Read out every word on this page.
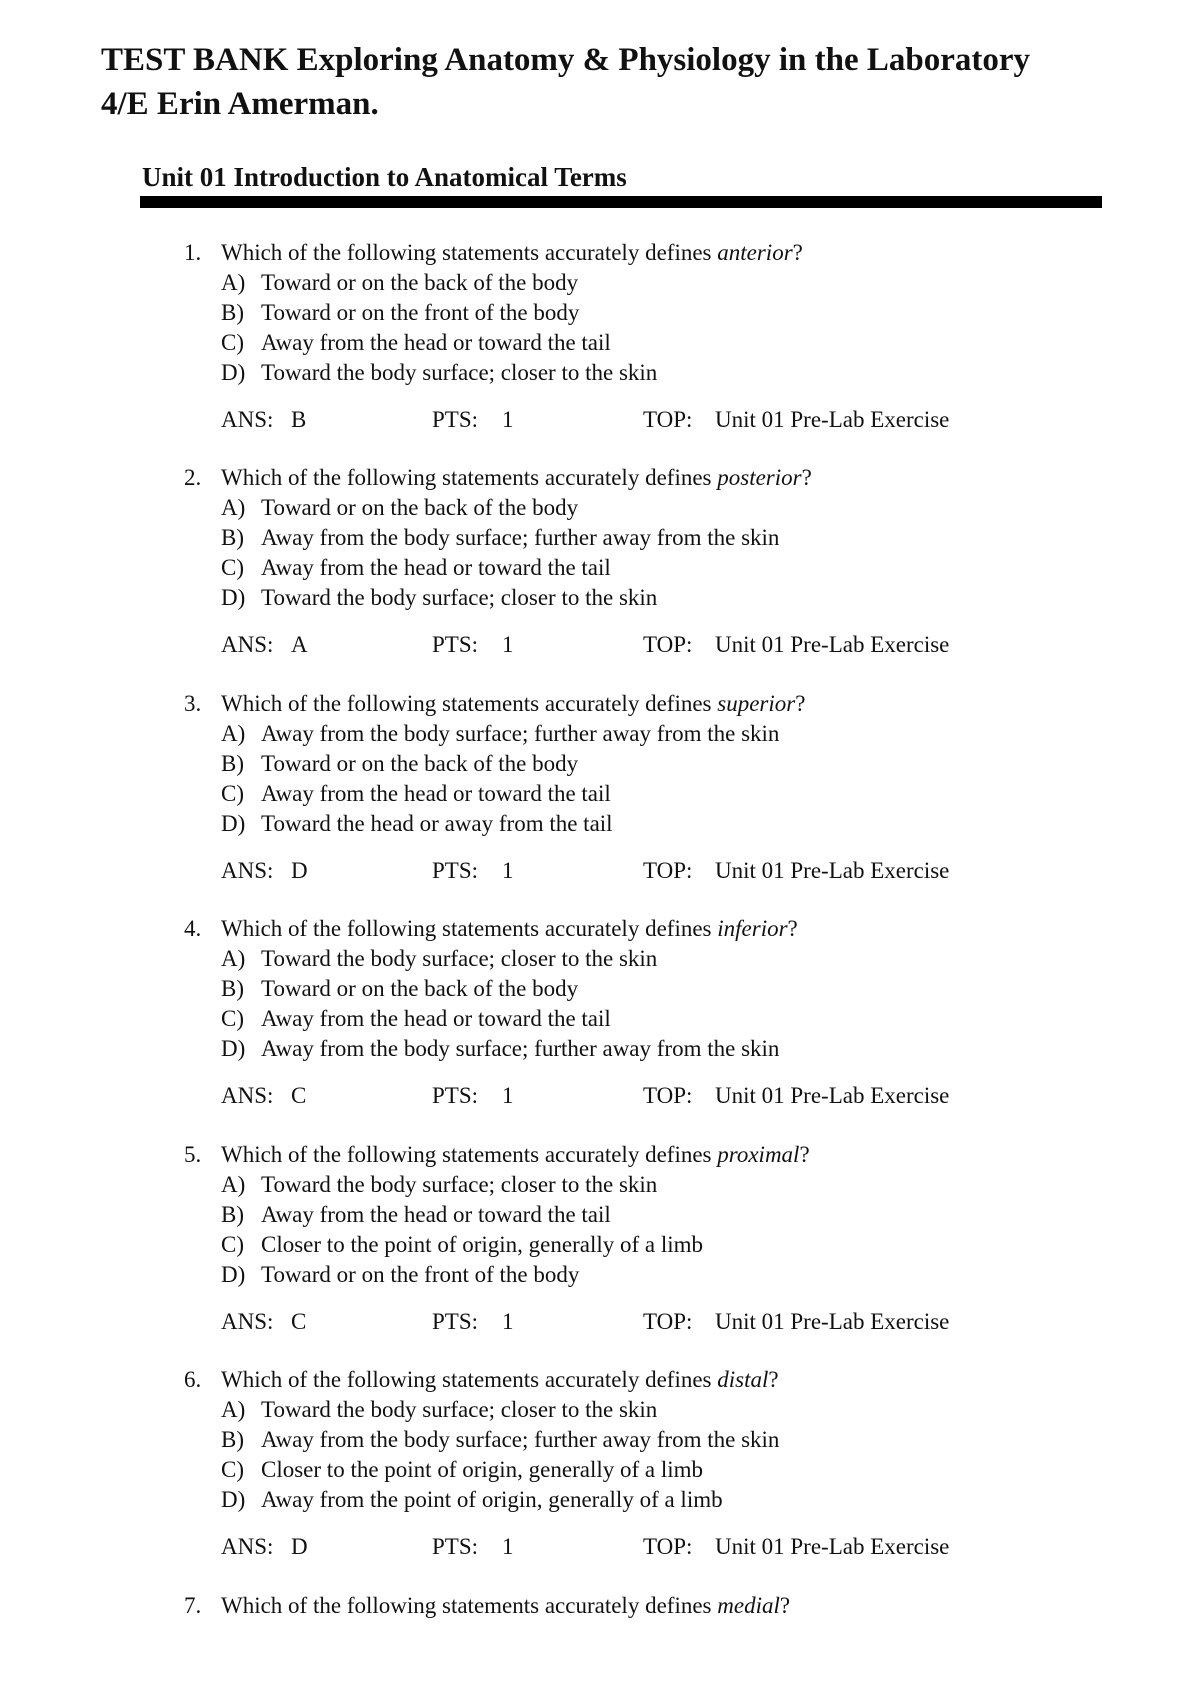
TEST BANK Exploring Anatomy & Physiology in the Laboratory 4/E Erin Amerman.
Unit 01 Introduction to Anatomical Terms
1. Which of the following statements accurately defines anterior?
A) Toward or on the back of the body
B) Toward or on the front of the body
C) Away from the head or toward the tail
D) Toward the body surface; closer to the skin
ANS: B	PTS: 1	TOP: Unit 01 Pre-Lab Exercise
2. Which of the following statements accurately defines posterior?
A) Toward or on the back of the body
B) Away from the body surface; further away from the skin
C) Away from the head or toward the tail
D) Toward the body surface; closer to the skin
ANS: A	PTS: 1	TOP: Unit 01 Pre-Lab Exercise
3. Which of the following statements accurately defines superior?
A) Away from the body surface; further away from the skin
B) Toward or on the back of the body
C) Away from the head or toward the tail
D) Toward the head or away from the tail
ANS: D	PTS: 1	TOP: Unit 01 Pre-Lab Exercise
4. Which of the following statements accurately defines inferior?
A) Toward the body surface; closer to the skin
B) Toward or on the back of the body
C) Away from the head or toward the tail
D) Away from the body surface; further away from the skin
ANS: C	PTS: 1	TOP: Unit 01 Pre-Lab Exercise
5. Which of the following statements accurately defines proximal?
A) Toward the body surface; closer to the skin
B) Away from the head or toward the tail
C) Closer to the point of origin, generally of a limb
D) Toward or on the front of the body
ANS: C	PTS: 1	TOP: Unit 01 Pre-Lab Exercise
6. Which of the following statements accurately defines distal?
A) Toward the body surface; closer to the skin
B) Away from the body surface; further away from the skin
C) Closer to the point of origin, generally of a limb
D) Away from the point of origin, generally of a limb
ANS: D	PTS: 1	TOP: Unit 01 Pre-Lab Exercise
7. Which of the following statements accurately defines medial?
